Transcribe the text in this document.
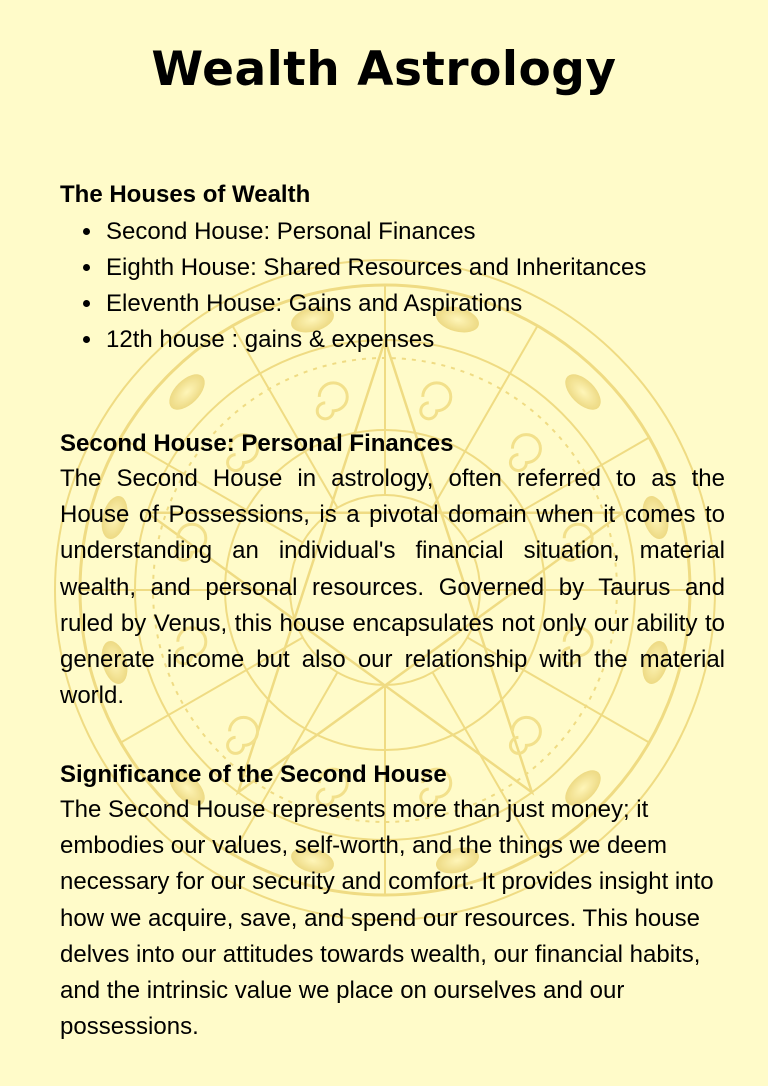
Wealth Astrology
The Houses of Wealth
• Second House: Personal Finances
• Eighth House: Shared Resources and Inheritances
• Eleventh House: Gains and Aspirations
• 12th house : gains & expenses
Second House: Personal Finances

The Second House in astrology, often referred to as the House of Possessions, is a pivotal domain when it comes to understanding an individual's financial situation, material wealth, and personal resources. Governed by Taurus and ruled by Venus, this house encapsulates not only our ability to generate income but also our relationship with the material world.

Significance of the Second House

The Second House represents more than just money; it embodies our values, self-worth, and the things we deem necessary for our security and comfort. It provides insight into how we acquire, save, and spend our resources. This house delves into our attitudes towards wealth, our financial habits, and the intrinsic value we place on ourselves and our possessions.
